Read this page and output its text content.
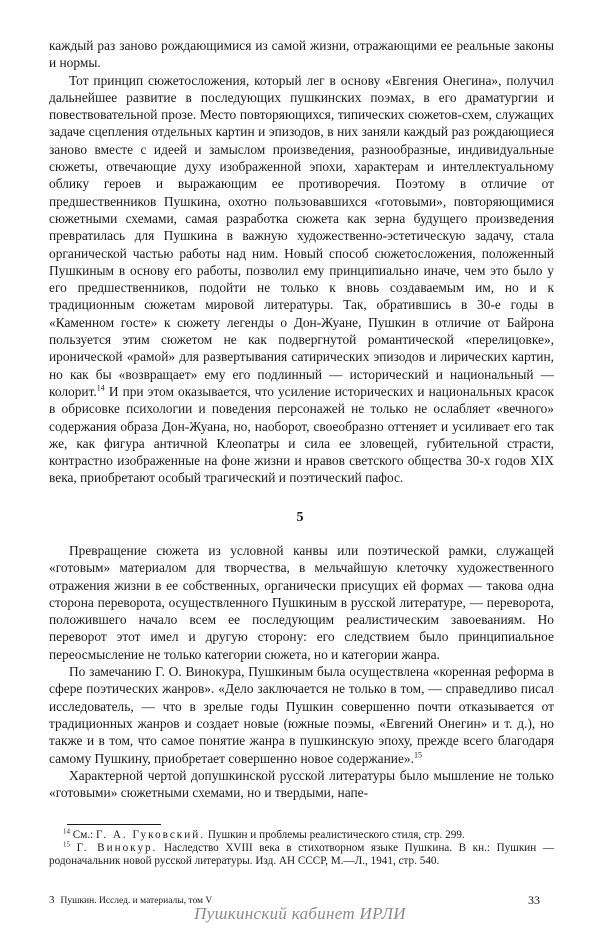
каждый раз заново рождающимися из самой жизни, отражающими ее реальные законы и нормы.

Тот принцип сюжетосложения, который лег в основу «Евгения Онегина», получил дальнейшее развитие в последующих пушкинских поэмах, в его драматургии и повествовательной прозе. Место повторяющихся, типических сюжетов-схем, служащих задаче сцепления отдельных картин и эпизодов, в них заняли каждый раз рождающиеся заново вместе с идеей и замыслом произведения, разнообразные, индивидуальные сюжеты, отвечающие духу изображенной эпохи, характерам и интеллектуальному облику героев и выражающим ее противоречия. Поэтому в отличие от предшественников Пушкина, охотно пользовавшихся «готовыми», повторяющимися сюжетными схемами, самая разработка сюжета как зерна будущего произведения превратилась для Пушкина в важную художественно-эстетическую задачу, стала органической частью работы над ним. Новый способ сюжетосложения, положенный Пушкиным в основу его работы, позволил ему принципиально иначе, чем это было у его предшественников, подойти не только к вновь создаваемым им, но и к традиционным сюжетам мировой литературы. Так, обратившись в 30-е годы в «Каменном госте» к сюжету легенды о Дон-Жуане, Пушкин в отличие от Байрона пользуется этим сюжетом не как подвергнутой романтической «перелицовке», иронической «рамой» для развертывания сатирических эпизодов и лирических картин, но как бы «возвращает» ему его подлинный — исторический и национальный — колорит.$^{14}$ И при этом оказывается, что усиление исторических и национальных красок в обрисовке психологии и поведения персонажей не только не ослабляет «вечного» содержания образа Дон-Жуана, но, наоборот, своеобразно оттеняет и усиливает его так же, как фигура античной Клеопатры и сила ее зловещей, губительной страсти, контрастно изображенные на фоне жизни и нравов светского общества 30-х годов XIX века, приобретают особый трагический и поэтический пафос.

5

Превращение сюжета из условной канвы или поэтической рамки, служащей «готовым» материалом для творчества, в мельчайшую клеточку художественного отражения жизни в ее собственных, органически присущих ей формах — такова одна сторона переворота, осуществленного Пушкиным в русской литературе, — переворота, положившего начало всем ее последующим реалистическим завоеваниям. Но переворот этот имел и другую сторону: его следствием было принципиальное переосмысление не только категории сюжета, но и категории жанра.

По замечанию Г. О. Винокура, Пушкиным была осуществлена «коренная реформа в сфере поэтических жанров». «Дело заключается не только в том, — справедливо писал исследователь, — что в зрелые годы Пушкин совершенно почти отказывается от традиционных жанров и создает новые (южные поэмы, «Евгений Онегин» и т. д.), но также и в том, что самое понятие жанра в пушкинскую эпоху, прежде всего благодаря самому Пушкину, приобретает совершенно новое содержание».$^{15}$

Характерной чертой допушкинской русской литературы было мышление не только «готовыми» сюжетными схемами, но и твердыми, напе-

$^{14}$ См.: Г. А. Гуковский. Пушкин и проблемы реалистического стиля, стр. 299.

$^{15}$ Г. Винокур. Наследство XVIII века в стихотворном языке Пушкина. В кн.: Пушкин — родоначальник новой русской литературы. Изд. АН СССР, М.—Л., 1941, стр. 540.

3 Пушкин. Исслед. и материалы, том V	33
Пушкинский кабинет ИРЛИ
